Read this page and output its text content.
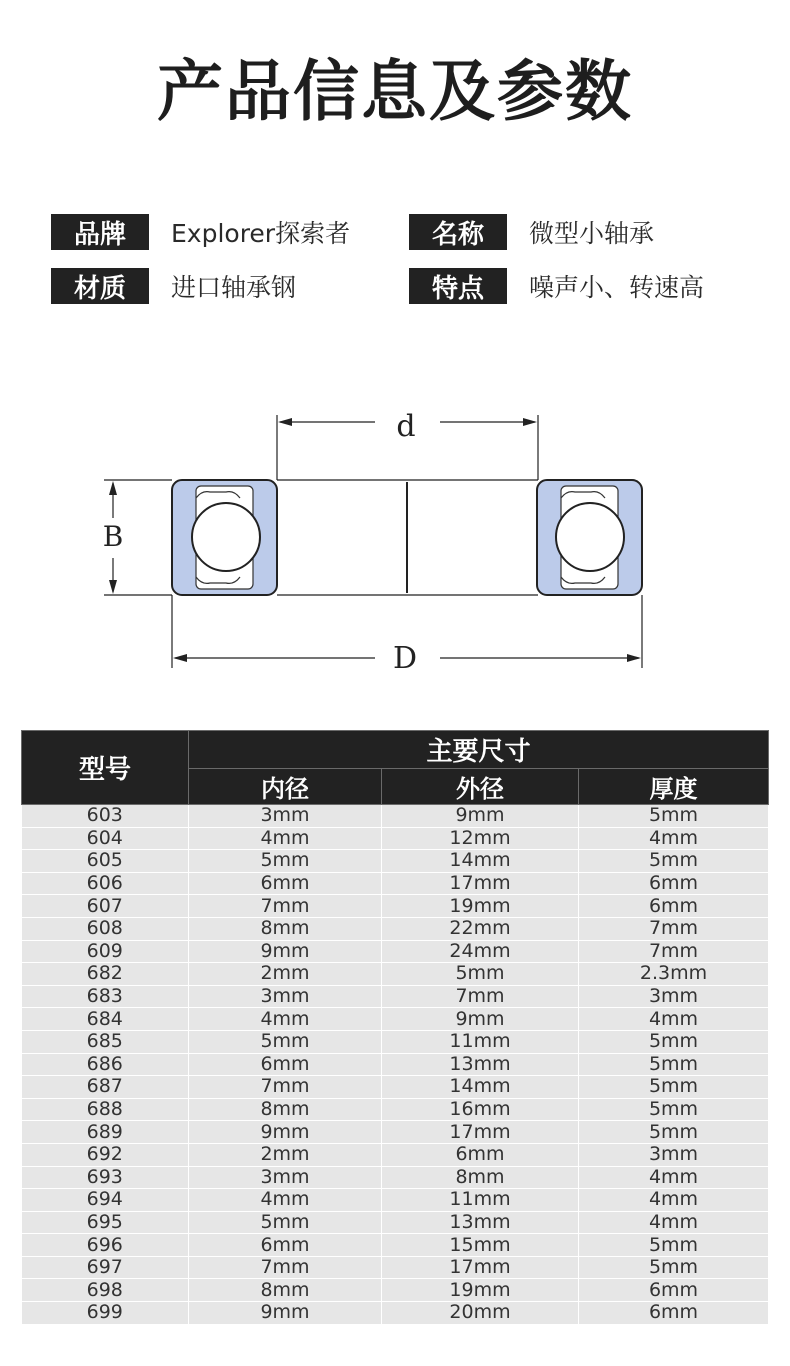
产品信息及参数
品牌	Explorer探索者	名称	微型小轴承
材质	进口轴承钢	特点	噪声小、转速高
d
B
D
型号	主要尺寸		
	内径	外径	厚度
603	3mm	9mm	5mm
604	4mm	12mm	4mm
605	5mm	14mm	5mm
606	6mm	17mm	6mm
607	7mm	19mm	6mm
608	8mm	22mm	7mm
609	9mm	24mm	7mm
682	2mm	5mm	2.3mm
683	3mm	7mm	3mm
684	4mm	9mm	4mm
685	5mm	11mm	5mm
686	6mm	13mm	5mm
687	7mm	14mm	5mm
688	8mm	16mm	5mm
689	9mm	17mm	5mm
692	2mm	6mm	3mm
693	3mm	8mm	4mm
694	4mm	11mm	4mm
695	5mm	13mm	4mm
696	6mm	15mm	5mm
697	7mm	17mm	5mm
698	8mm	19mm	6mm
699	9mm	20mm	6mm
